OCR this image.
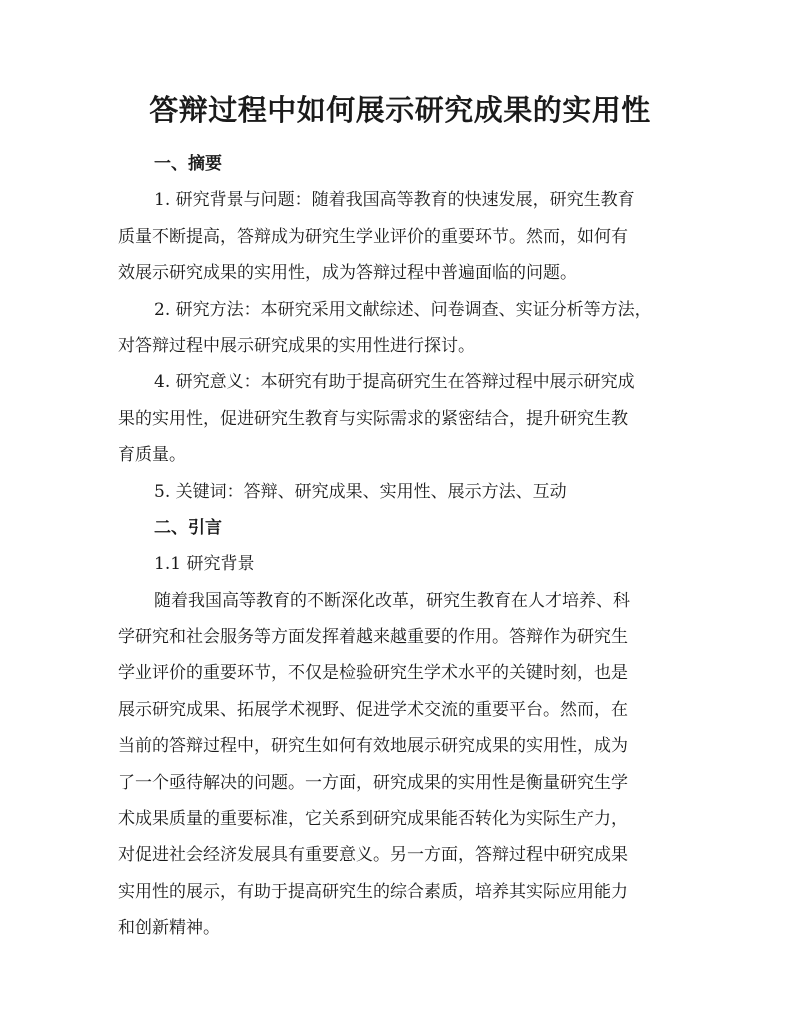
答辩过程中如何展示研究成果的实用性

一、摘要

1. 研究背景与问题：随着我国高等教育的快速发展，研究生教育

质量不断提高，答辩成为研究生学业评价的重要环节。然而，如何有

效展示研究成果的实用性，成为答辩过程中普遍面临的问题。

2. 研究方法：本研究采用文献综述、问卷调查、实证分析等方法，

对答辩过程中展示研究成果的实用性进行探讨。

4. 研究意义：本研究有助于提高研究生在答辩过程中展示研究成

果的实用性，促进研究生教育与实际需求的紧密结合，提升研究生教

育质量。

5. 关键词：答辩、研究成果、实用性、展示方法、互动

二、引言

1.1 研究背景

随着我国高等教育的不断深化改革，研究生教育在人才培养、科

学研究和社会服务等方面发挥着越来越重要的作用。答辩作为研究生

学业评价的重要环节，不仅是检验研究生学术水平的关键时刻，也是

展示研究成果、拓展学术视野、促进学术交流的重要平台。然而，在

当前的答辩过程中，研究生如何有效地展示研究成果的实用性，成为

了一个亟待解决的问题。一方面，研究成果的实用性是衡量研究生学

术成果质量的重要标准，它关系到研究成果能否转化为实际生产力，

对促进社会经济发展具有重要意义。另一方面，答辩过程中研究成果

实用性的展示，有助于提高研究生的综合素质，培养其实际应用能力

和创新精神。
